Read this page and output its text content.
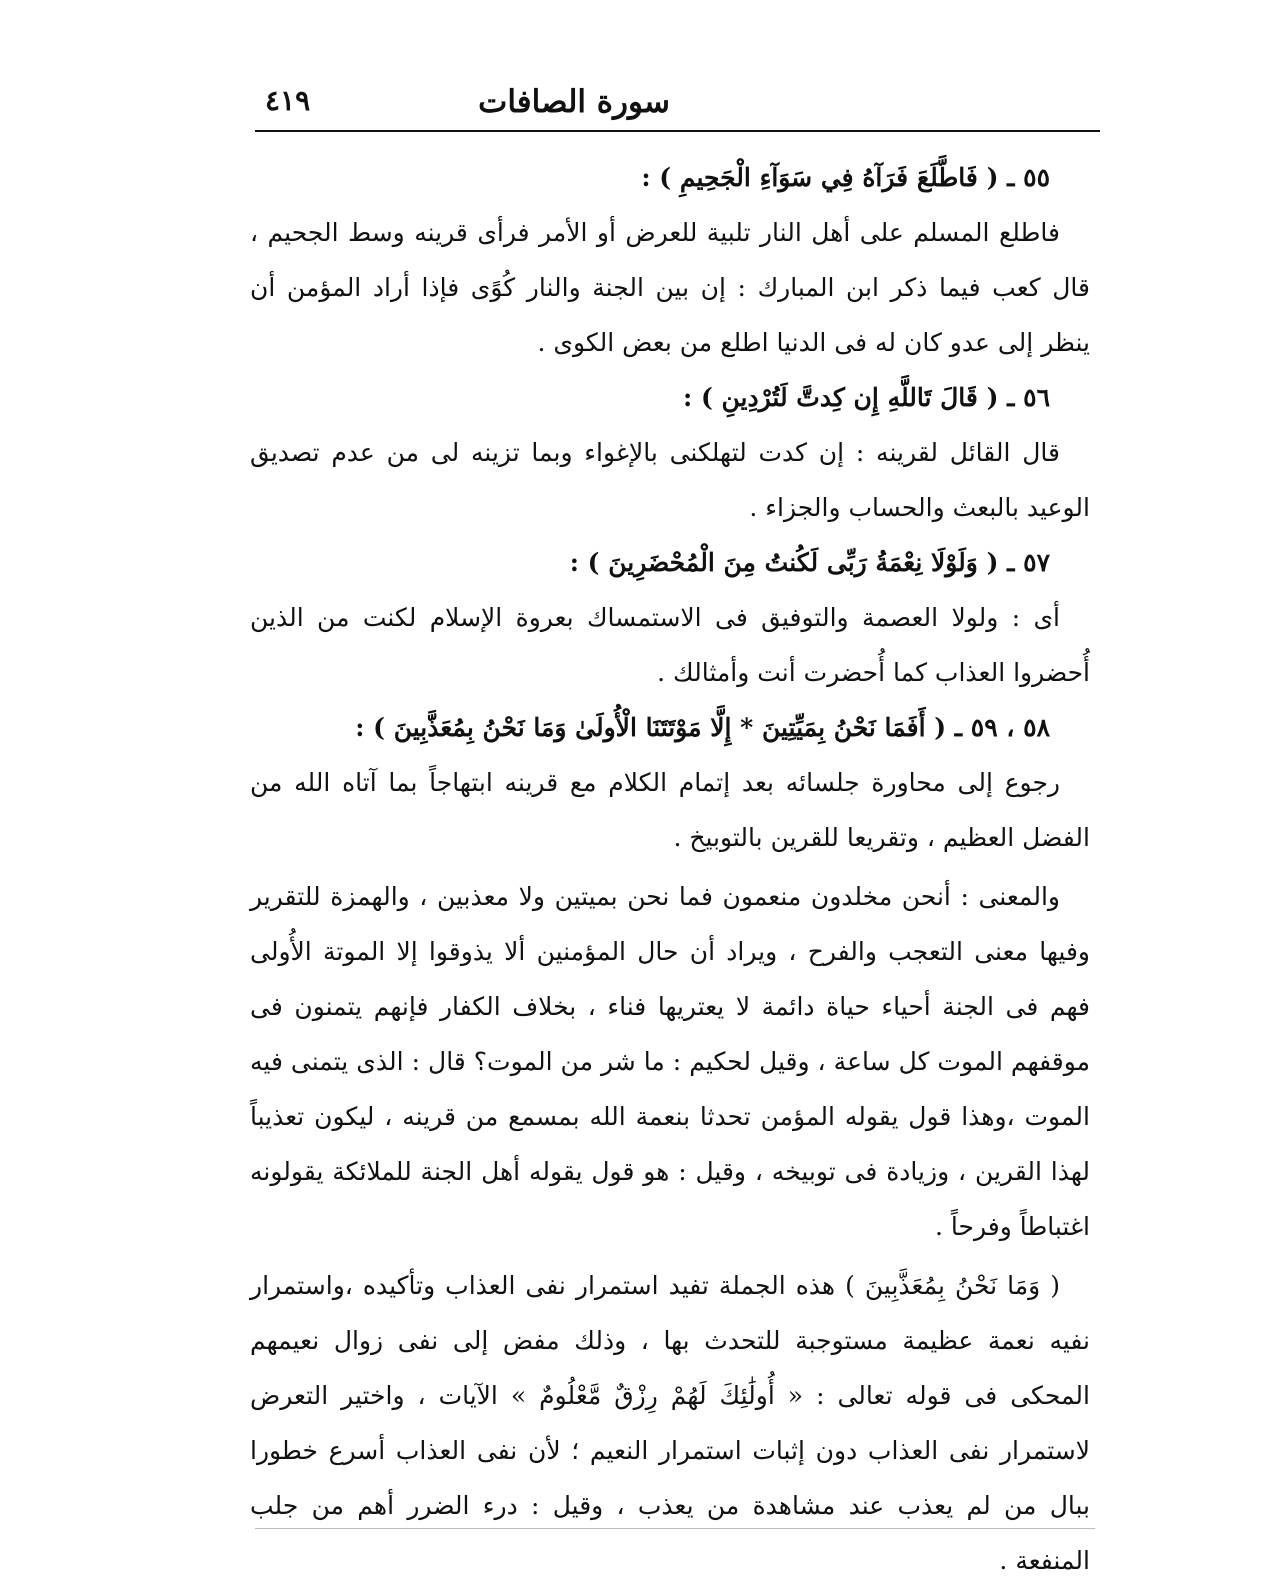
سورة الصافات
٤١٩
٥٥ ـ ( فَاطَّلَعَ فَرَآهُ فِي سَوَآءِ الْجَحِيمِ ) :

فاطلع المسلم على أهل النار تلبية للعرض أو الأمر فرأى قرينه وسط الجحيم ، قال كعب فيما ذكر ابن المبارك : إن بين الجنة والنار كُوًى فإذا أراد المؤمن أن ينظر إلى عدو كان له فى الدنيا اطلع من بعض الكوى .

٥٦ ـ ( قَالَ تَاللَّهِ إِن كِدتَّ لَتُرْدِينِ ) :

قال القائل لقرينه : إن كدت لتهلكنى بالإغواء وبما تزينه لى من عدم تصديق الوعيد بالبعث والحساب والجزاء .

٥٧ ـ ( وَلَوْلَا نِعْمَةُ رَبِّى لَكُنتُ مِنَ الْمُحْضَرِينَ ) :

أى : ولولا العصمة والتوفيق فى الاستمساك بعروة الإسلام لكنت من الذين أُحضروا العذاب كما أُحضرت أنت وأمثالك .

٥٨ ، ٥٩ ـ ( أَفَمَا نَحْنُ بِمَيِّتِينَ * إِلَّا مَوْتَتَنَا الْأُولَىٰ وَمَا نَحْنُ بِمُعَذَّبِينَ ) :

رجوع إلى محاورة جلسائه بعد إتمام الكلام مع قرينه ابتهاجاً بما آتاه الله من الفضل العظيم ، وتقريعا للقرين بالتوبيخ .

والمعنى : أنحن مخلدون منعمون فما نحن بميتين ولا معذبين ، والهمزة للتقرير وفيها معنى التعجب والفرح ، ويراد أن حال المؤمنين ألا يذوقوا إلا الموتة الأُولى فهم فى الجنة أحياء حياة دائمة لا يعتريها فناء ، بخلاف الكفار فإنهم يتمنون فى موقفهم الموت كل ساعة ، وقيل لحكيم : ما شر من الموت؟ قال : الذى يتمنى فيه الموت ،وهذا قول يقوله المؤمن تحدثا بنعمة الله بمسمع من قرينه ، ليكون تعذيباً لهذا القرين ، وزيادة فى توبيخه ، وقيل : هو قول يقوله أهل الجنة للملائكة يقولونه اغتباطاً وفرحاً .

( وَمَا نَحْنُ بِمُعَذَّبِينَ ) هذه الجملة تفيد استمرار نفى العذاب وتأكيده ،واستمرار نفيه نعمة عظيمة مستوجبة للتحدث بها ، وذلك مفض إلى نفى زوال نعيمهم المحكى فى قوله تعالى : « أُولَٰئِكَ لَهُمْ رِزْقٌ مَّعْلُومٌ » الآيات ، واختير التعرض لاستمرار نفى العذاب دون إثبات استمرار النعيم ؛ لأن نفى العذاب أسرع خطورا ببال من لم يعذب عند مشاهدة من يعذب ، وقيل : درء الضرر أهم من جلب المنفعة .
